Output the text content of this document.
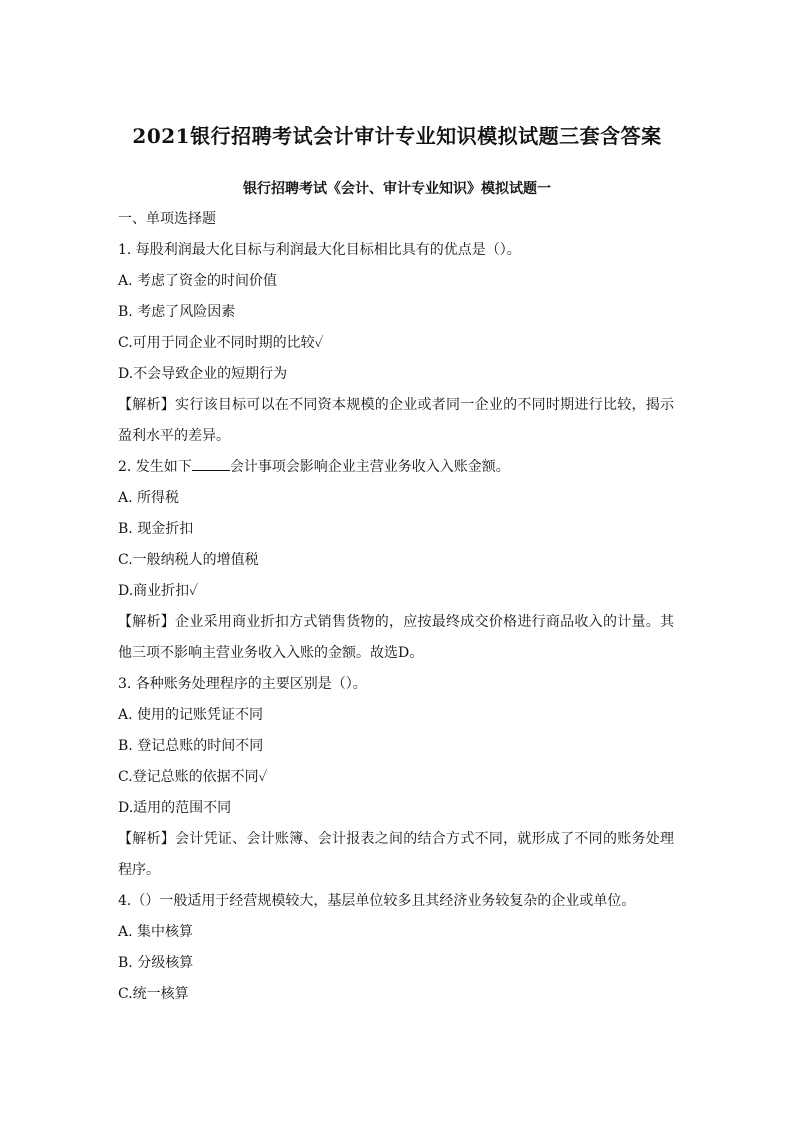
2021银行招聘考试会计审计专业知识模拟试题三套含答案
银行招聘考试《会计、审计专业知识》模拟试题一
一、单项选择题
1. 每股利润最大化目标与利润最大化目标相比具有的优点是（）。
A. 考虑了资金的时间价值
B. 考虑了风险因素
C.可用于同企业不同时期的比较✓
D.不会导致企业的短期行为
【解析】实行该目标可以在不同资本规模的企业或者同一企业的不同时期进行比较，揭示盈利水平的差异。
2. 发生如下	会计事项会影响企业主营业务收入入账金额。
A. 所得税
B. 现金折扣
C.一般纳税人的增值税
D.商业折扣✓
【解析】企业采用商业折扣方式销售货物的，应按最终成交价格进行商品收入的计量。其他三项不影响主营业务收入入账的金额。故选D。
3. 各种账务处理程序的主要区别是（）。
A. 使用的记账凭证不同
B. 登记总账的时间不同
C.登记总账的依据不同✓
D.适用的范围不同
【解析】会计凭证、会计账簿、会计报表之间的结合方式不同，就形成了不同的账务处理程序。
4.（）一般适用于经营规模较大，基层单位较多且其经济业务较复杂的企业或单位。
A. 集中核算
B. 分级核算
C.统一核算
